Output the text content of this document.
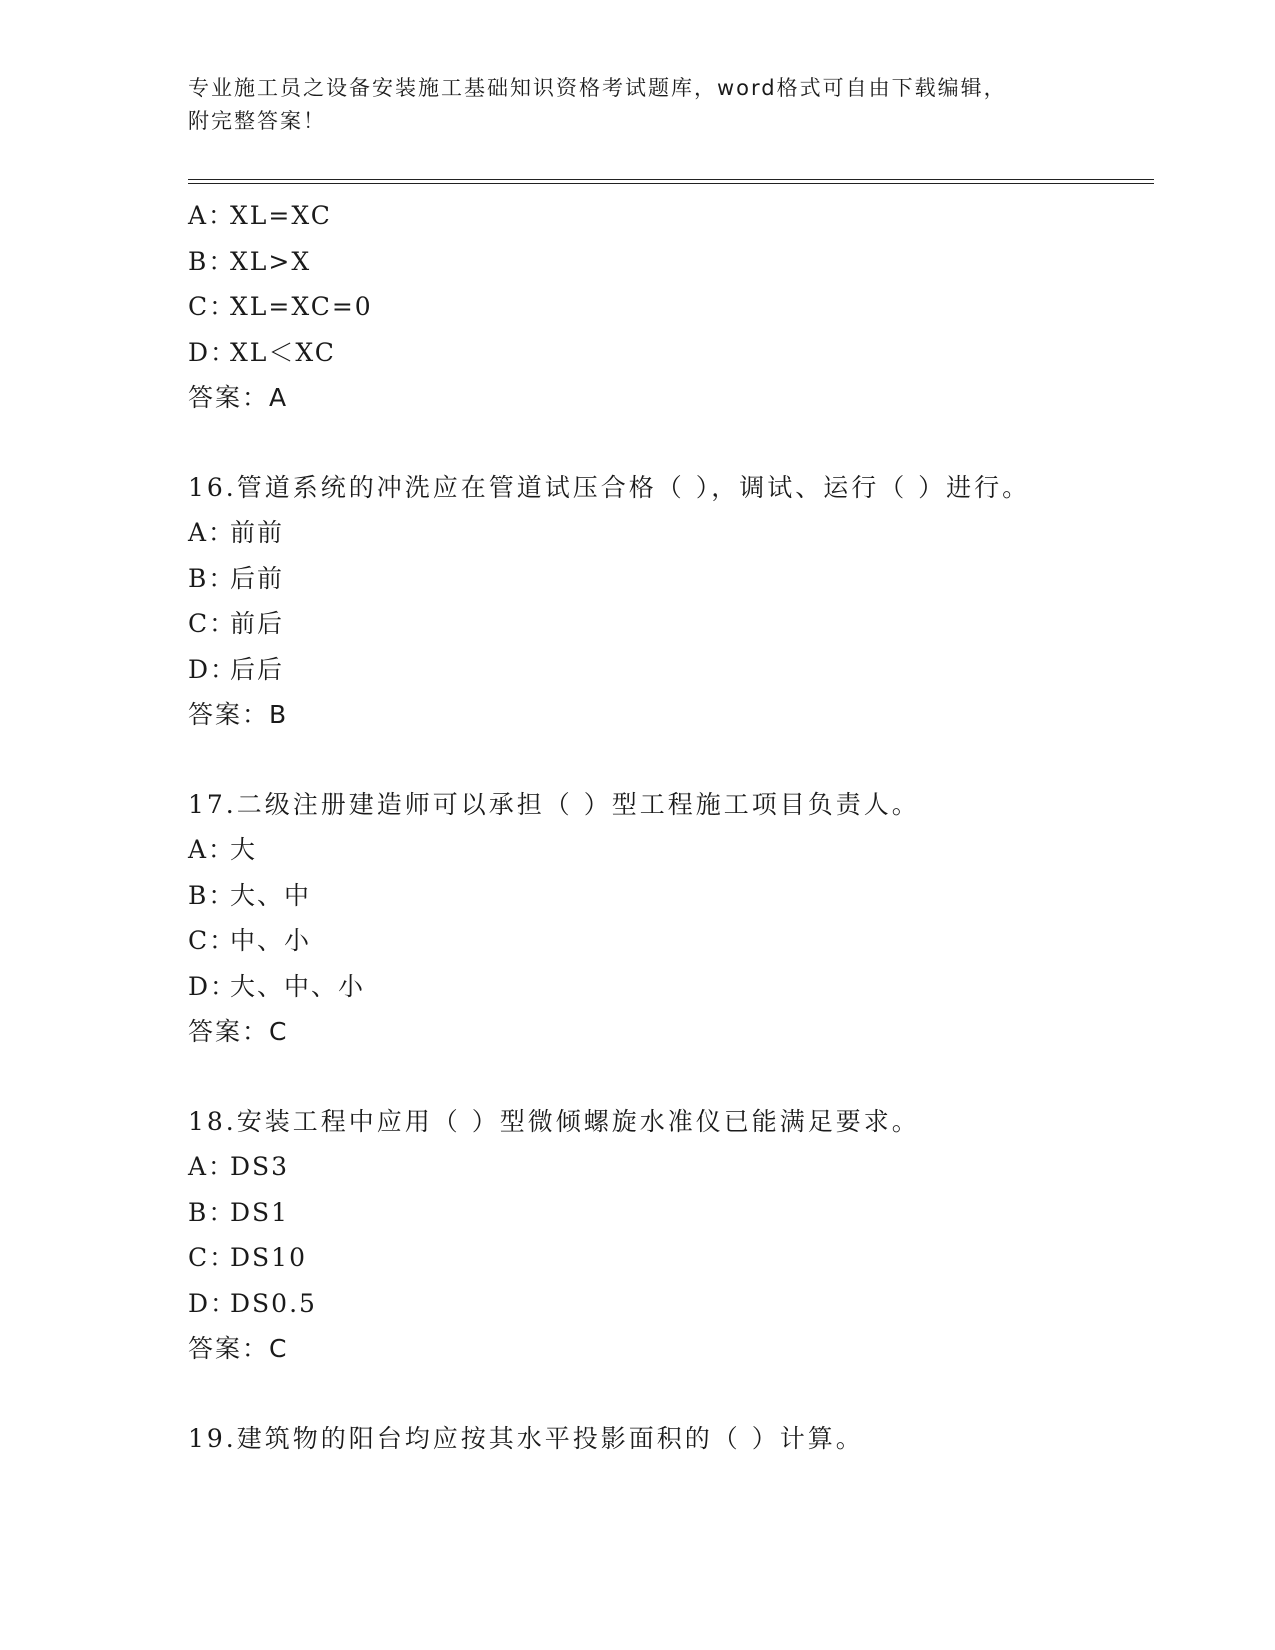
专业施工员之设备安装施工基础知识资格考试题库，word格式可自由下载编辑，
附完整答案！
A：XL=XC
B：XL>X
C：XL=XC=0
D：XL＜XC
答案：A
16.管道系统的冲洗应在管道试压合格（ ），调试、运行（ ）进行。
A：前前
B：后前
C：前后
D：后后
答案：B
17.二级注册建造师可以承担（ ）型工程施工项目负责人。
A：大
B：大、中
C：中、小
D：大、中、小
答案：C
18.安装工程中应用（ ）型微倾螺旋水准仪已能满足要求。
A：DS3
B：DS1
C：DS10
D：DS0.5
答案：C
19.建筑物的阳台均应按其水平投影面积的（ ）计算。
